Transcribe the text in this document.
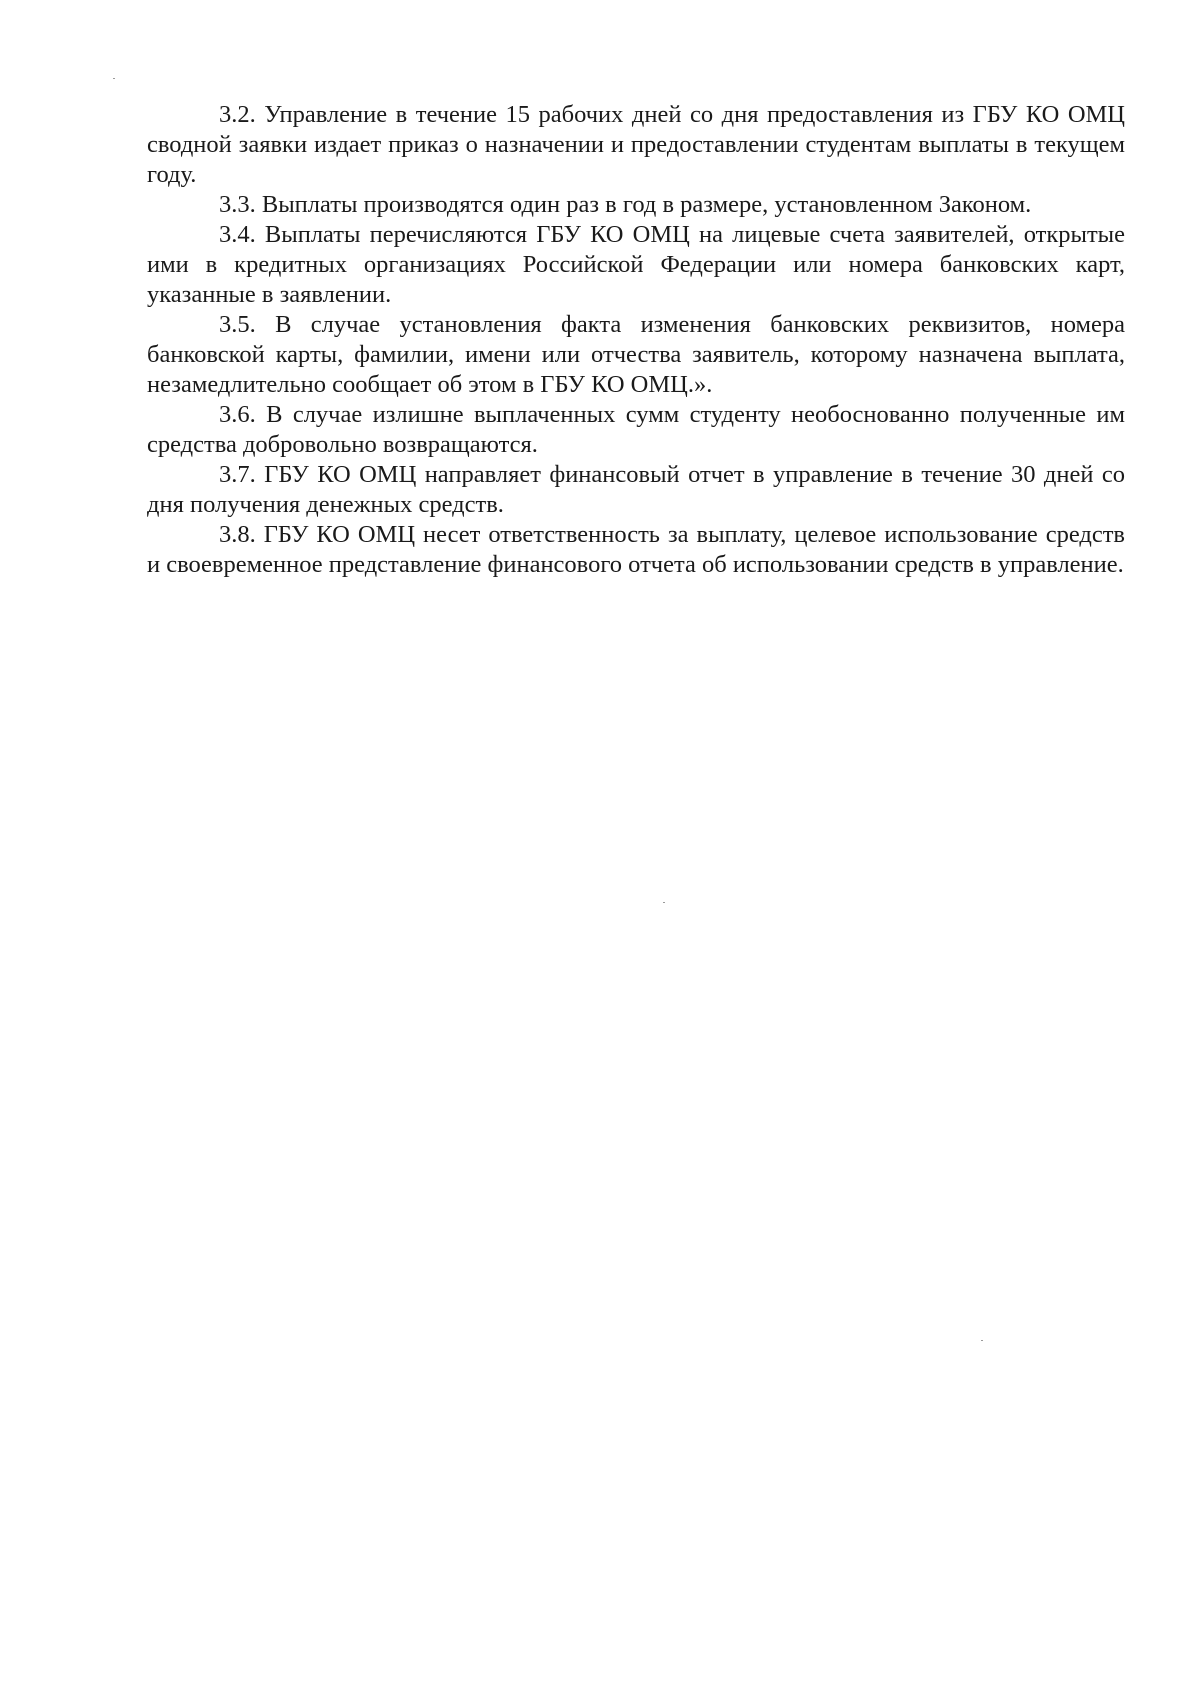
3.2. Управление в течение 15 рабочих дней со дня предоставления из ГБУ КО ОМЦ сводной заявки издает приказ о назначении и предоставлении студентам выплаты в текущем году.

3.3. Выплаты производятся один раз в год в размере, установленном Законом.

3.4. Выплаты перечисляются ГБУ КО ОМЦ на лицевые счета заявителей, открытые ими в кредитных организациях Российской Федерации или номера банковских карт, указанные в заявлении.

3.5. В случае установления факта изменения банковских реквизитов, номера банковской карты, фамилии, имени или отчества заявитель, которому назначена выплата, незамедлительно сообщает об этом в ГБУ КО ОМЦ.».

3.6. В случае излишне выплаченных сумм студенту необоснованно полученные им средства добровольно возвращаются.

3.7. ГБУ КО ОМЦ направляет финансовый отчет в управление в течение 30 дней со дня получения денежных средств.

3.8. ГБУ КО ОМЦ несет ответственность за выплату, целевое использование средств и своевременное представление финансового отчета об использовании средств в управление.
